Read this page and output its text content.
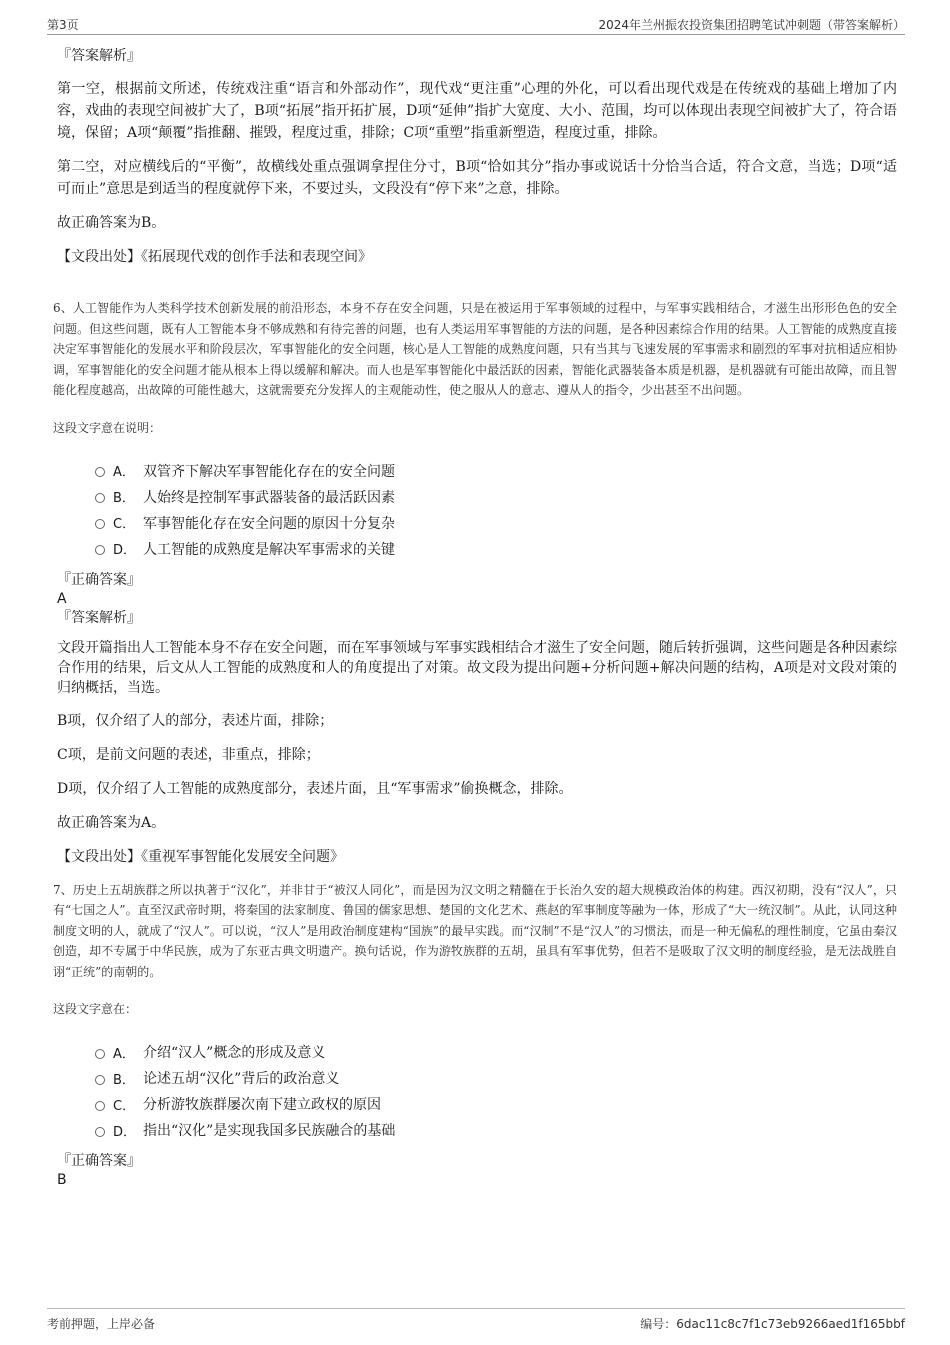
第3页	2024年兰州振农投资集团招聘笔试冲刺题（带答案解析）

『答案解析』

第一空，根据前文所述，传统戏注重“语言和外部动作”，现代戏“更注重”心理的外化，可以看出现代戏是在传统戏的基础上增加了内容，戏曲的表现空间被扩大了，B项“拓展”指开拓扩展，D项“延伸”指扩大宽度、大小、范围，均可以体现出表现空间被扩大了，符合语境，保留；A项“颠覆”指推翻、摧毁，程度过重，排除；C项“重塑”指重新塑造，程度过重，排除。

第二空，对应横线后的“平衡”，故横线处重点强调拿捏住分寸，B项“恰如其分”指办事或说话十分恰当合适，符合文意，当选；D项“适可而止”意思是到适当的程度就停下来，不要过头，文段没有“停下来”之意，排除。

故正确答案为B。

【文段出处】《拓展现代戏的创作手法和表现空间》

6、人工智能作为人类科学技术创新发展的前沿形态，本身不存在安全问题，只是在被运用于军事领域的过程中，与军事实践相结合，才滋生出形形色色的安全问题。但这些问题，既有人工智能本身不够成熟和有待完善的问题，也有人类运用军事智能的方法的问题，是各种因素综合作用的结果。人工智能的成熟度直接决定军事智能化的发展水平和阶段层次，军事智能化的安全问题，核心是人工智能的成熟度问题，只有当其与飞速发展的军事需求和剧烈的军事对抗相适应相协调，军事智能化的安全问题才能从根本上得以缓解和解决。而人也是军事智能化中最活跃的因素，智能化武器装备本质是机器，是机器就有可能出故障，而且智能化程度越高，出故障的可能性越大，这就需要充分发挥人的主观能动性，使之服从人的意志、遵从人的指令，少出甚至不出问题。

这段文字意在说明：

A． 双管齐下解决军事智能化存在的安全问题
B． 人始终是控制军事武器装备的最活跃因素
C． 军事智能化存在安全问题的原因十分复杂
D． 人工智能的成熟度是解决军事需求的关键

『正确答案』

A

『答案解析』

文段开篇指出人工智能本身不存在安全问题，而在军事领域与军事实践相结合才滋生了安全问题，随后转折强调，这些问题是各种因素综合作用的结果，后文从人工智能的成熟度和人的角度提出了对策。故文段为提出问题+分析问题+解决问题的结构，A项是对文段对策的归纳概括，当选。

B项，仅介绍了人的部分，表述片面，排除；

C项，是前文问题的表述，非重点，排除；

D项，仅介绍了人工智能的成熟度部分，表述片面，且“军事需求”偷换概念，排除。

故正确答案为A。

【文段出处】《重视军事智能化发展安全问题》

7、历史上五胡族群之所以执著于“汉化”，并非甘于“被汉人同化”，而是因为汉文明之精髓在于长治久安的超大规模政治体的构建。西汉初期，没有“汉人”，只有“七国之人”。直至汉武帝时期，将秦国的法家制度、鲁国的儒家思想、楚国的文化艺术、燕赵的军事制度等融为一体，形成了“大一统汉制”。从此，认同这种制度文明的人，就成了“汉人”。可以说，“汉人”是用政治制度建构“国族”的最早实践。而“汉制”不是“汉人”的习惯法，而是一种无偏私的理性制度，它虽由秦汉创造，却不专属于中华民族，成为了东亚古典文明遗产。换句话说，作为游牧族群的五胡，虽具有军事优势，但若不是吸取了汉文明的制度经验，是无法战胜自诩“正统”的南朝的。

这段文字意在：

A． 介绍“汉人”概念的形成及意义
B． 论述五胡“汉化”背后的政治意义
C． 分析游牧族群屡次南下建立政权的原因
D． 指出“汉化”是实现我国多民族融合的基础

『正确答案』

B

考前押题，上岸必备	编号：6dac11c8c7f1c73eb9266aed1f165bbf
